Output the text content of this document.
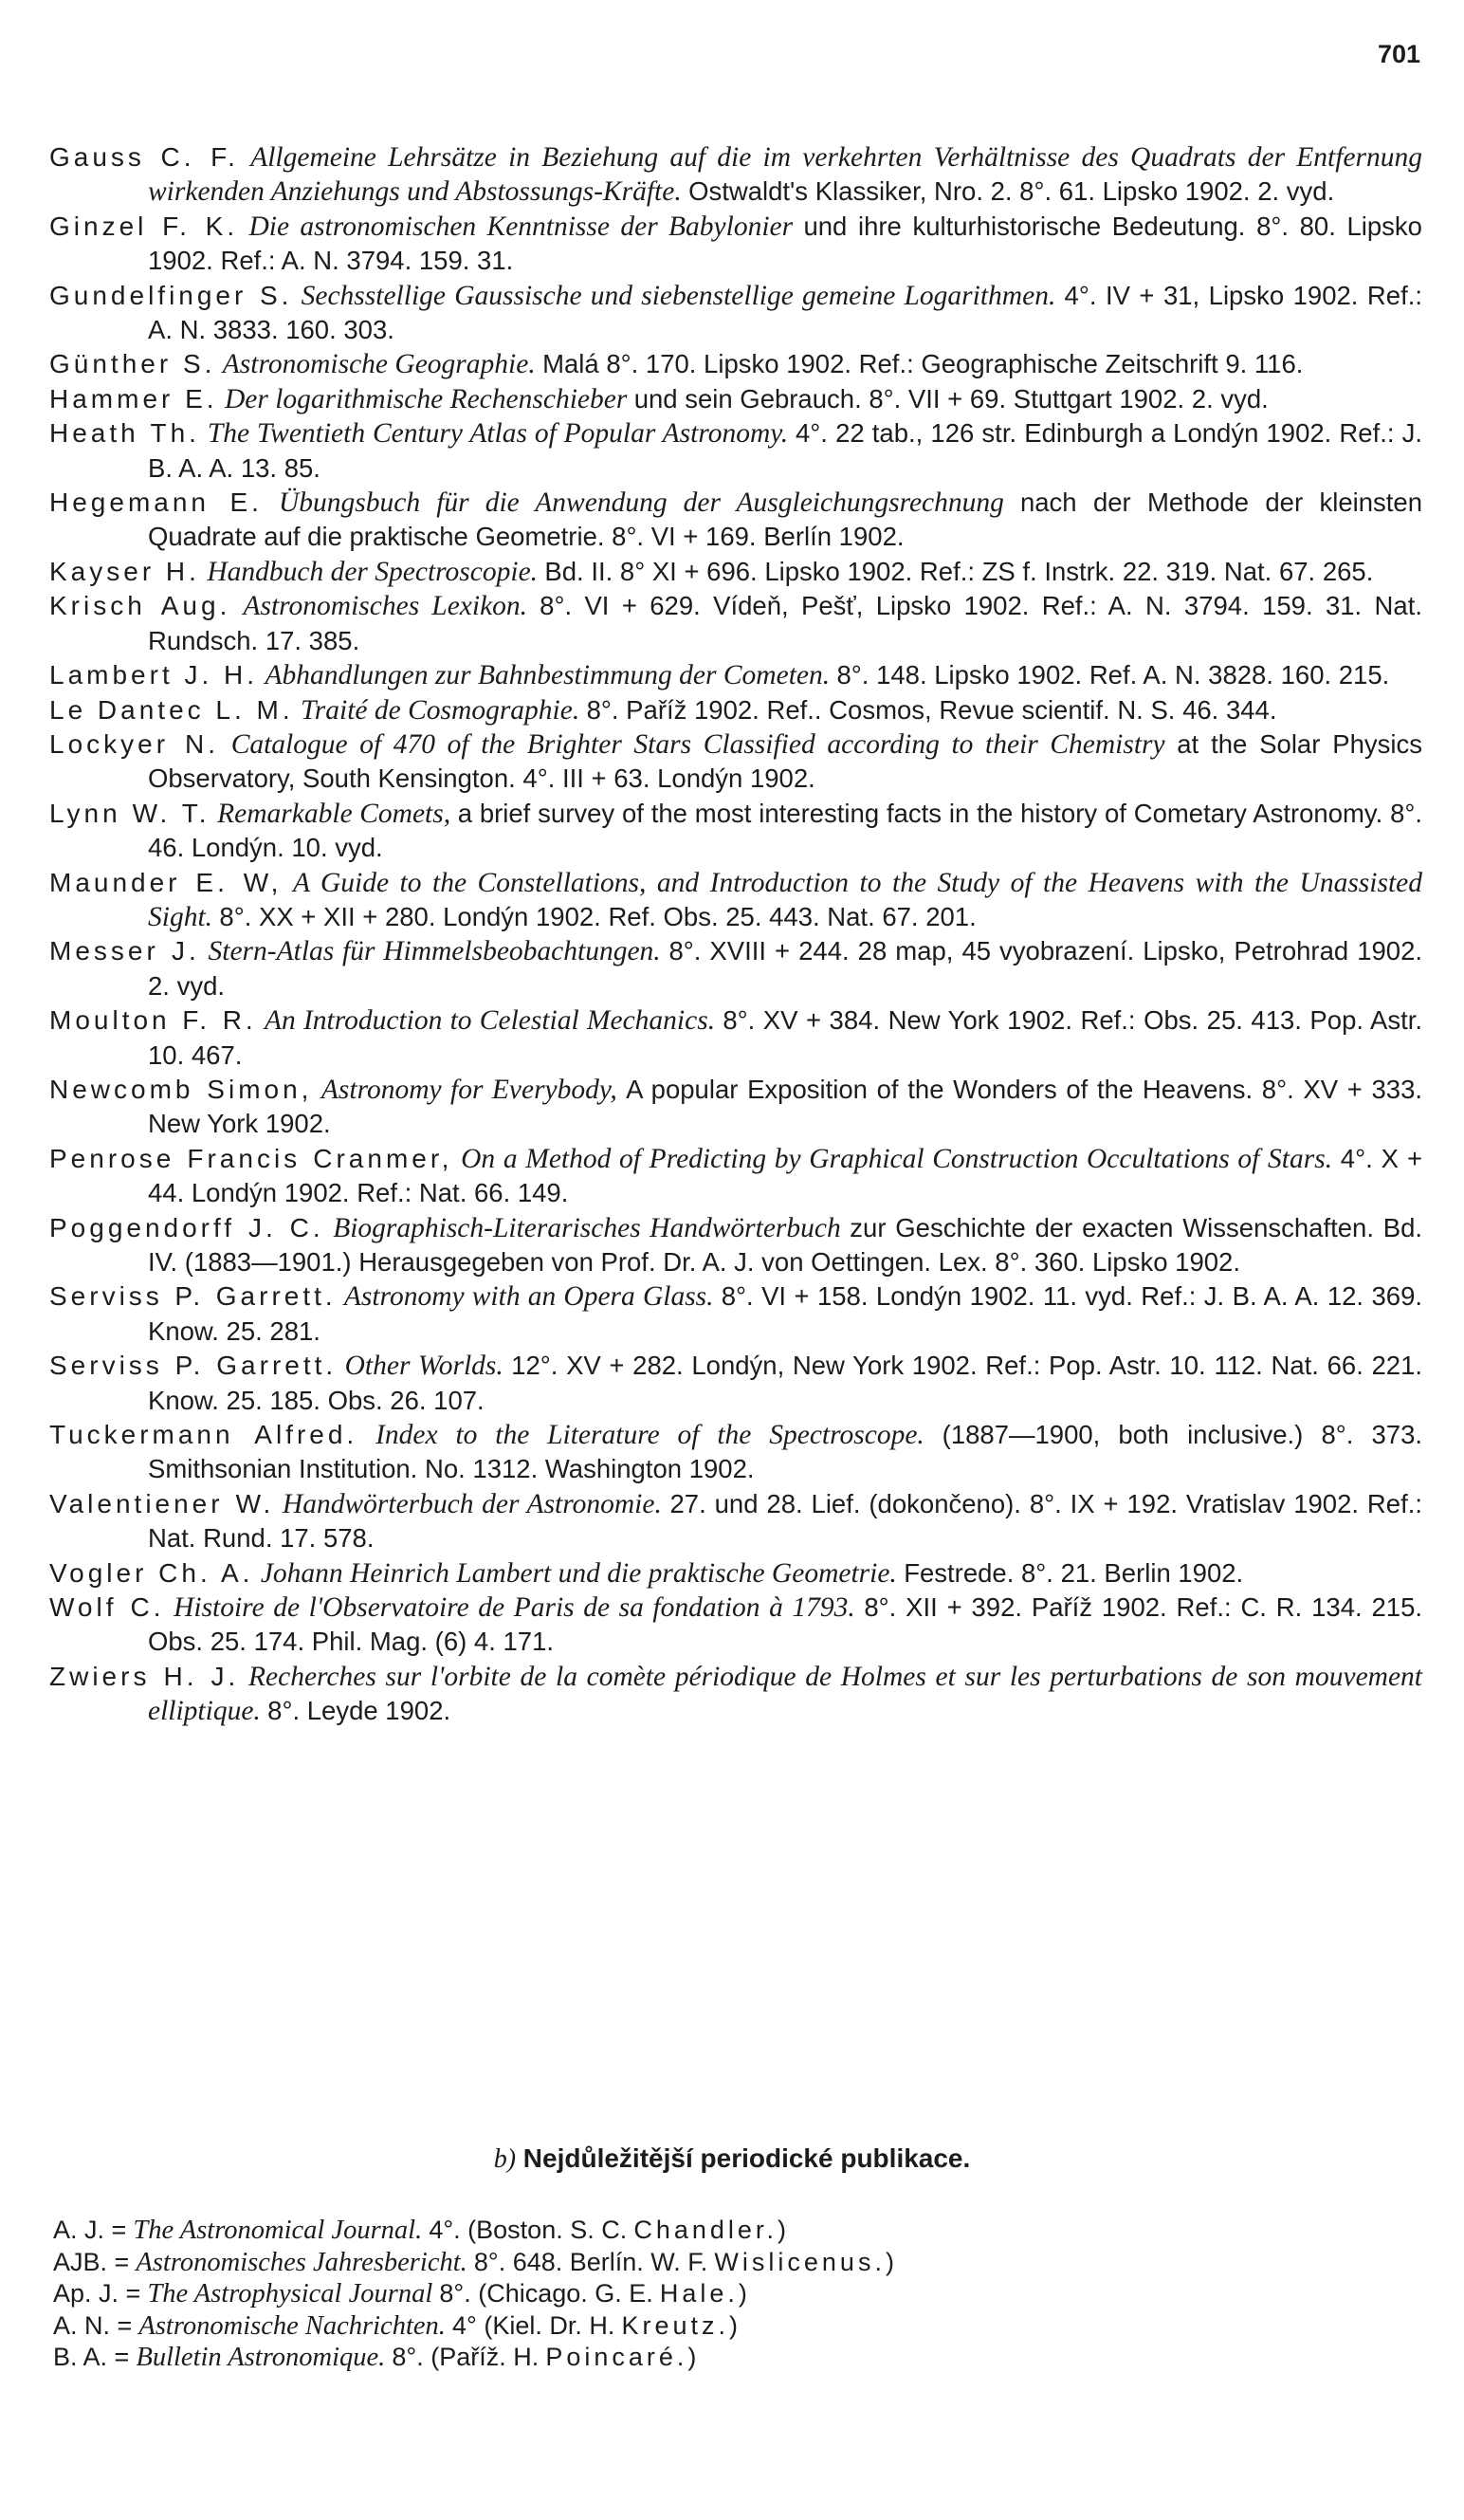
701

Gauss C. F. Allgemeine Lehrsätze in Beziehung auf die im verkehrten Verhältnisse des Quadrats der Entfernung wirkenden Anziehungs und Abstossungs-Kräfte. Ostwaldt's Klassiker, Nro. 2. 8°. 61. Lipsko 1902. 2. vyd.

Ginzel F. K. Die astronomischen Kenntnisse der Babylonier und ihre kulturhistorische Bedeutung. 8°. 80. Lipsko 1902. Ref.: A. N. 3794. 159. 31.

Gundelfinger S. Sechsstellige Gaussische und siebenstellige gemeine Logarithmen. 4°. IV + 31, Lipsko 1902. Ref.: A. N. 3833. 160. 303.

Günther S. Astronomische Geographie. Malá 8°. 170. Lipsko 1902. Ref.: Geographische Zeitschrift 9. 116.

Hammer E. Der logarithmische Rechenschieber und sein Gebrauch. 8°. VII + 69. Stuttgart 1902. 2. vyd.

Heath Th. The Twentieth Century Atlas of Popular Astronomy. 4°. 22 tab., 126 str. Edinburgh a Londýn 1902. Ref.: J. B. A. A. 13. 85.

Hegemann E. Übungsbuch für die Anwendung der Ausgleichungsrechnung nach der Methode der kleinsten Quadrate auf die praktische Geometrie. 8°. VI + 169. Berlín 1902.

Kayser H. Handbuch der Spectroscopie. Bd. II. 8° XI + 696. Lipsko 1902. Ref.: ZS f. Instrk. 22. 319. Nat. 67. 265.

Krisch Aug. Astronomisches Lexikon. 8°. VI + 629. Vídeň, Pešť, Lipsko 1902. Ref.: A. N. 3794. 159. 31. Nat. Rundsch. 17. 385.

Lambert J. H. Abhandlungen zur Bahnbestimmung der Cometen. 8°. 148. Lipsko 1902. Ref. A. N. 3828. 160. 215.

Le Dantec L. M. Traité de Cosmographie. 8°. Paříž 1902. Ref.. Cosmos, Revue scientif. N. S. 46. 344.

Lockyer N. Catalogue of 470 of the Brighter Stars Classified according to their Chemistry at the Solar Physics Observatory, South Kensington. 4°. III + 63. Londýn 1902.

Lynn W. T. Remarkable Comets, a brief survey of the most interesting facts in the history of Cometary Astronomy. 8°. 46. Londýn. 10. vyd.

Maunder E. W, A Guide to the Constellations, and Introduction to the Study of the Heavens with the Unassisted Sight. 8°. XX + XII + 280. Londýn 1902. Ref. Obs. 25. 443. Nat. 67. 201.

Messer J. Stern-Atlas für Himmelsbeobachtungen. 8°. XVIII + 244. 28 map, 45 vyobrazení. Lipsko, Petrohrad 1902. 2. vyd.

Moulton F. R. An Introduction to Celestial Mechanics. 8°. XV + 384. New York 1902. Ref.: Obs. 25. 413. Pop. Astr. 10. 467.

Newcomb Simon, Astronomy for Everybody, A popular Exposition of the Wonders of the Heavens. 8°. XV + 333. New York 1902.

Penrose Francis Cranmer, On a Method of Predicting by Graphical Construction Occultations of Stars. 4°. X + 44. Londýn 1902. Ref.: Nat. 66. 149.

Poggendorff J. C. Biographisch-Literarisches Handwörterbuch zur Geschichte der exacten Wissenschaften. Bd. IV. (1883—1901.) Herausgegeben von Prof. Dr. A. J. von Oettingen. Lex. 8°. 360. Lipsko 1902.

Serviss P. Garrett. Astronomy with an Opera Glass. 8°. VI + 158. Londýn 1902. 11. vyd. Ref.: J. B. A. A. 12. 369. Know. 25. 281.

Serviss P. Garrett. Other Worlds. 12°. XV + 282. Londýn, New York 1902. Ref.: Pop. Astr. 10. 112. Nat. 66. 221. Know. 25. 185. Obs. 26. 107.

Tuckermann Alfred. Index to the Literature of the Spectroscope. (1887—1900, both inclusive.) 8°. 373. Smithsonian Institution. No. 1312. Washington 1902.

Valentiener W. Handwörterbuch der Astronomie. 27. und 28. Lief. (dokončeno). 8°. IX + 192. Vratislav 1902. Ref.: Nat. Rund. 17. 578.

Vogler Ch. A. Johann Heinrich Lambert und die praktische Geometrie. Festrede. 8°. 21. Berlin 1902.

Wolf C. Histoire de l'Observatoire de Paris de sa fondation à 1793. 8°. XII + 392. Paříž 1902. Ref.: C. R. 134. 215. Obs. 25. 174. Phil. Mag. (6) 4. 171.

Zwiers H. J. Recherches sur l'orbite de la comète périodique de Holmes et sur les perturbations de son mouvement elliptique. 8°. Leyde 1902.

b) Nejdůležitější periodické publikace.
A. J. = The Astronomical Journal. 4°. (Boston. S. C. Chandler.)
AJB. = Astronomisches Jahresbericht. 8°. 648. Berlín. W. F. Wislicenus.)
Ap. J. = The Astrophysical Journal 8°. (Chicago. G. E. Hale.)
A. N. = Astronomische Nachrichten. 4° (Kiel. Dr. H. Kreutz.)
B. A. = Bulletin Astronomique. 8°. (Paříž. H. Poincaré.)
